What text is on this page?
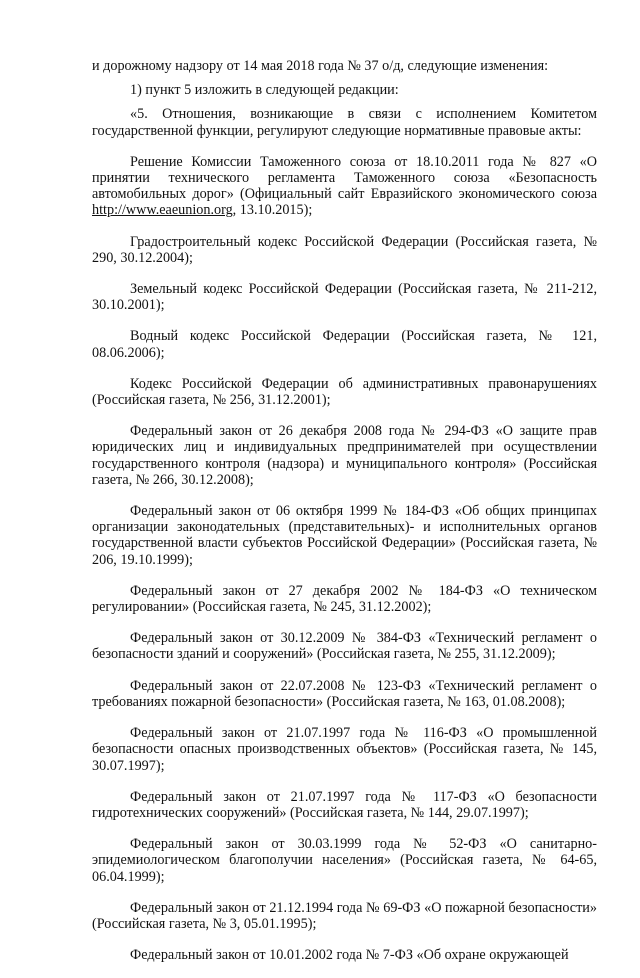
и дорожному надзору от 14 мая 2018 года № 37 о/д, следующие изменения:

1) пункт 5 изложить в следующей редакции:

«5. Отношения, возникающие в связи с исполнением Комитетом государственной функции, регулируют следующие нормативные правовые акты:

Решение Комиссии Таможенного союза от 18.10.2011 года № 827 «О принятии технического регламента Таможенного союза «Безопасность автомобильных дорог» (Официальный сайт Евразийского экономического союза http://www.eaeunion.org, 13.10.2015);

Градостроительный кодекс Российской Федерации (Российская газета, № 290, 30.12.2004);

Земельный кодекс Российской Федерации (Российская газета, № 211-212, 30.10.2001);

Водный кодекс Российской Федерации (Российская газета, № 121, 08.06.2006);

Кодекс Российской Федерации об административных правонарушениях (Российская газета, № 256, 31.12.2001);

Федеральный закон от 26 декабря 2008 года № 294-ФЗ «О защите прав юридических лиц и индивидуальных предпринимателей при осуществлении государственного контроля (надзора) и муниципального контроля» (Российская газета, № 266, 30.12.2008);

Федеральный закон от 06 октября 1999 № 184-ФЗ «Об общих принципах организации законодательных (представительных)- и исполнительных органов государственной власти субъектов Российской Федерации» (Российская газета, № 206, 19.10.1999);

Федеральный закон от 27 декабря 2002 № 184-ФЗ «О техническом регулировании» (Российская газета, № 245, 31.12.2002);

Федеральный закон от 30.12.2009 № 384-ФЗ «Технический регламент о безопасности зданий и сооружений» (Российская газета, № 255, 31.12.2009);

Федеральный закон от 22.07.2008 № 123-ФЗ «Технический регламент о требованиях пожарной безопасности» (Российская газета, № 163, 01.08.2008);

Федеральный закон от 21.07.1997 года № 116-ФЗ «О промышленной безопасности опасных производственных объектов» (Российская газета, № 145, 30.07.1997);

Федеральный закон от 21.07.1997 года № 117-ФЗ «О безопасности гидротехнических сооружений» (Российская газета, № 144, 29.07.1997);

Федеральный закон от 30.03.1999 года № 52-ФЗ «О санитарно-эпидемиологическом благополучии населения» (Российская газета, № 64-65, 06.04.1999);

Федеральный закон от 21.12.1994 года № 69-ФЗ «О пожарной безопасности» (Российская газета, № 3, 05.01.1995);

Федеральный закон от 10.01.2002 года № 7-ФЗ «Об охране окружающей
